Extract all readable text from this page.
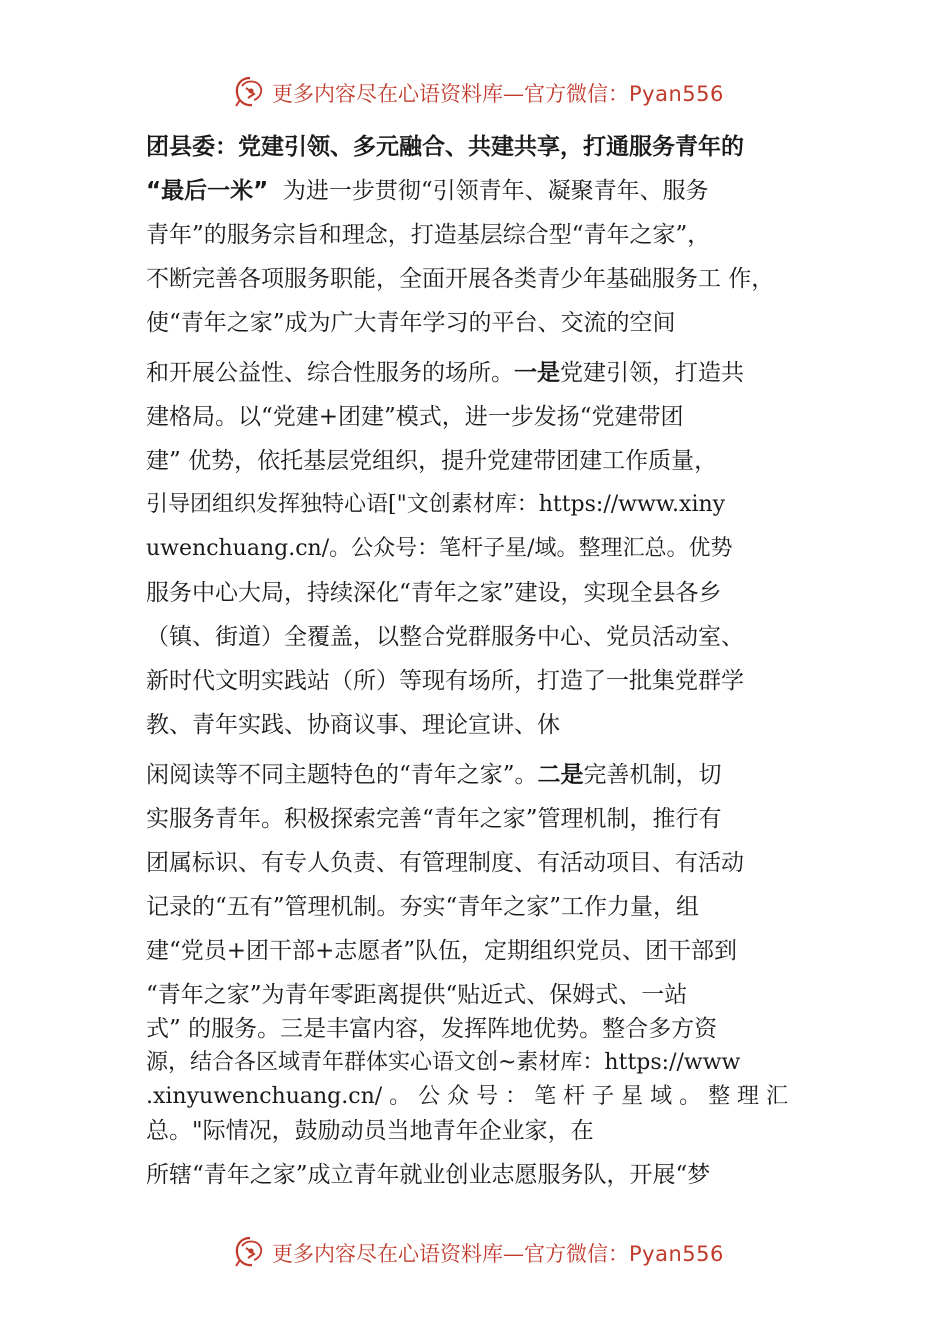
更多内容尽在心语资料库—官方微信：Pyan556
团县委：党建引领、多元融合、共建共享，打通服务青年的
“最后一米” 为进一步贯彻“引领青年、凝聚青年、服务
青年”的服务宗旨和理念，打造基层综合型“青年之家”，
不断完善各项服务职能，全面开展各类青少年基础服务工 作，
使“青年之家”成为广大青年学习的平台、交流的空间
和开展公益性、综合性服务的场所。一是党建引领，打造共
建格局。以“党建+团建”模式，进一步发扬“党建带团
建” 优势，依托基层党组织，提升党建带团建工作质量，
引导团组织发挥独特心语["文创素材库：https://www.xiny
uwenchuang.cn/。公众号：笔杆子星/域。整理汇总。优势
服务中心大局，持续深化“青年之家”建设，实现全县各乡
（镇、街道）全覆盖，以整合党群服务中心、党员活动室、
新时代文明实践站（所）等现有场所，打造了一批集党群学
教、青年实践、协商议事、理论宣讲、休
闲阅读等不同主题特色的“青年之家”。二是完善机制，切
实服务青年。积极探索完善“青年之家”管理机制，推行有
团属标识、有专人负责、有管理制度、有活动项目、有活动
记录的“五有”管理机制。夯实“青年之家”工作力量，组
建“党员+团干部+志愿者”队伍，定期组织党员、团干部到
“青年之家”为青年零距离提供“贴近式、保姆式、一站
式” 的服务。三是丰富内容，发挥阵地优势。整合多方资
源，结合各区域青年群体实心语文创~素材库：https://www
.xinyuwenchuang.cn/ 。 公 众 号 ： 笔 杆 子 星 域 。 整 理 汇
总。"际情况，鼓励动员当地青年企业家，在
所辖“青年之家”成立青年就业创业志愿服务队，开展“梦
更多内容尽在心语资料库—官方微信：Pyan556
